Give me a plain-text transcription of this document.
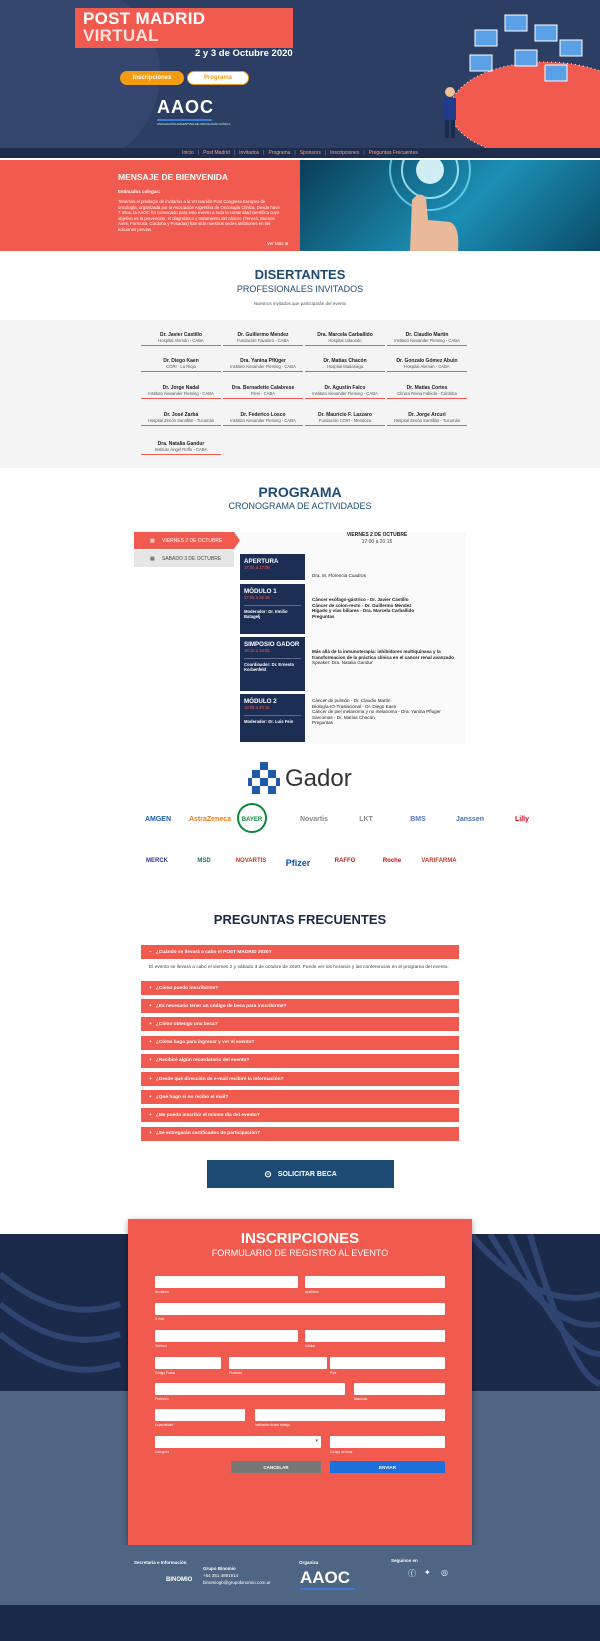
POST MADRID
VIRTUAL
2 y 3 de Octubre 2020
Inscripciones	Programa
AAOC
ASOCIACIÓN ARGENTINA DE ONCOLOGÍA CLÍNICA
Inicio | Post Madrid | Invitados | Programa | Sponsors | Inscripciones | Preguntas Frecuentes
MENSAJE DE BIENVENIDA
Estimados colegas:

Tenemos el privilegio de invitarlos a la VII reunión Post Congreso Europeo de oncología, organizada por la Asociación Argentina de Oncología Clínica. Desde hace 7 años, la AAOC ha convocado para este evento a toda la comunidad científica cuyo objetivo es la prevención, el diagnóstico y tratamiento del cáncer. (Tenerá, Buenos Aires, Formosa, Córdoba y Posadas) han sido nuestros sedes anfitriones en las ediciones previas.

Ver Más ⊕
DISERTANTES
PROFESIONALES INVITADOS
Nuestros invitados que participarán del evento
Dr. Javier Castillo
Hospital Alemán - CABA
Dr. Guillermo Mendez
Fundación Favaloro - CABA
Dra. Marcela Carballido
Hospital Udaondo
Dr. Claudio Martin
Instituto Alexander Fleming - CABA
Dr. Diego Kaen
CORI - La Rioja
Dra. Yanina Pflüger
Instituto Alexander Fleming - CABA
Dr. Matías Chacón
Hospital Madariaga
Dr. Gonzalo Gómez Abuin
Hospital Alemán - CABA
Dr. Jorge Nadal
Instituto Alexander Fleming - CABA
Dra. Bernadette Calabrese
Fleni - CABA
Dr. Agustín Falco
Instituto Alexander Fleming - CABA
Dr. Matías Cortes
Clínica Reina Fabiola - Córdoba
Dr. José Zarbá
Hospital Zenón Santillán - Tucumán
Dr. Federico Losco
Instituto Alexander Fleming - CABA
Dr. Mauricio F. Lazzaro
Fundación COIR - Mendoza
Dr. Jorge Arcuri
Hospital Zenón Santillán - Tucumán
Dra. Natalia Gandur
Instituto Ángel Roffo - CABA
PROGRAMA
CRONOGRAMA DE ACTIVIDADES
▦ VIERNES 2 DE OCTUBRE
▦ SABADO 3 DE OCTUBRE
VIERNES 2 DE OCTUBRE
17:00 a 20:15
APERTURA
17:00 a 17:05
Dra. M. Florencia Cuadros
MÓDULO 1
17:05 a 18:15
Moderador: Dr. Emilio Batagelj
Cáncer esófago-gástrico - Dr. Javier Castillo
Cáncer de colon-recto - Dr. Guillermo Mendez
Hígado y vías biliares - Dra. Marcela Carballido
Preguntas
SIMPOSIO GADOR
18:15 a 18:55
Coordinador: Dr. Ernesto Korbenfeld
Más allá de la inmunoterapia: inhibidores multiquinasa y la transformacion de la práctica clínica en el cancer renal avanzado
Speaker: Dra. Natalia Gandur
MÓDULO 2
18:55 a 20:15
Moderador: Dr. Luis Fein
Cáncer de pulmón - Dr. Claudio Martin
Biología-IO-Traslacional - Dr. Diego Kaen
Cáncer de piel melanoma y no melanoma - Dra. Yanina Pfluger
Sarcomas - Dr. Matías Chacón
Preguntas
Gador
AMGEN	AstraZeneca	BAYER	Novartis	LKT	BMS	Janssen	Lilly
MERCK	MSD	NOVARTIS	Pfizer	RAFFO	Roche	VARIFARMA
PREGUNTAS FRECUENTES
− ¿Cuándo se llevará a cabo el POST MADRID 2020?
El evento se llevará a cabo el viernes 2 y sábado 3 de octubre de 2020. Puede ver los horarios y las conferencias en el programa del evento.
+ ¿Cómo puedo inscribirme?
+ ¿Es necesario tener un código de beca para inscribirme?
+ ¿Cómo obtengo una beca?
+ ¿Cómo hago para ingresar y ver el evento?
+ ¿Recibiré algún recordatorio del evento?
+ ¿Desde qué dirección de e-mail recibiré la información?
+ ¿Qué hago si no recibo el mail?
+ ¿Me puedo inscribir el mismo día del evento?
+ ¿Se entregarán certificados de participación?
⊙ SOLICITAR BECA
INSCRIPCIONES
FORMULARIO DE REGISTRO AL EVENTO
Nombre/s	Apellido/s
E-mail
Teléfono	Celular
Código Postal	Provincia	País
Profesión	Matrícula
Especialidad	Institución donde trabaja
▾
Categoría	Código de beca
CANCELAR	ENVIAR
Secretaría e Información
BINOMIO
Grupo Binomio
+54 351 4891914
binomiogb@grupobinomio.com.ar
Organiza
AAOC
Seguinos en
ⓕ ✦ ◎
